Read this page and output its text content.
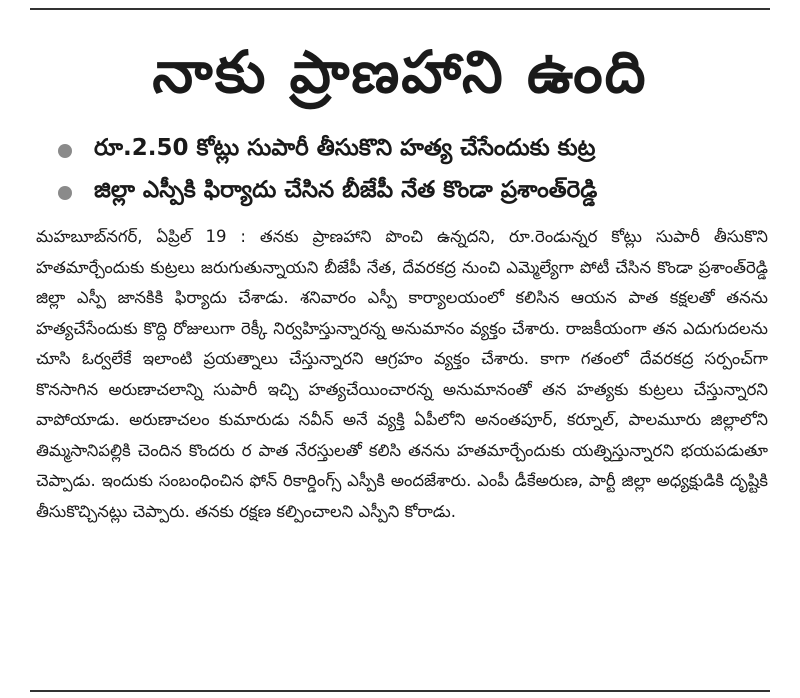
నాకు ప్రాణహాని ఉంది
రూ.2.50 కోట్లు సుపారీ తీసుకొని హత్య చేసేందుకు కుట్ర
జిల్లా ఎస్పీకి ఫిర్యాదు చేసిన బీజేపీ నేత కొండా ప్రశాంత్‌రెడ్డి
మహబూబ్‌నగర్, ఏప్రిల్ 19 : తనకు ప్రాణహాని పొంచి ఉన్నదని, రూ.రెండున్నర కోట్లు సుపారీ తీసుకొని హతమార్చేందుకు కుట్రలు జరుగుతున్నాయని బీజేపీ నేత, దేవరకద్ర నుంచి ఎమ్మెల్యేగా పోటీ చేసిన కొండా ప్రశాంత్‌రెడ్డి జిల్లా ఎస్పీ జానకికి ఫిర్యాదు చేశాడు. శనివారం ఎస్పీ కార్యాలయంలో కలిసిన ఆయన పాత కక్షలతో తనను హత్యచేసేందుకు కొద్ది రోజులుగా రెక్కీ నిర్వహిస్తున్నారన్న అనుమానం వ్యక్తం చేశారు. రాజకీయంగా తన ఎదుగుదలను చూసి ఓర్వలేకే ఇలాంటి ప్రయత్నాలు చేస్తున్నారని ఆగ్రహం వ్యక్తం చేశారు. కాగా గతంలో దేవరకద్ర సర్పంచ్‌గా కొనసాగిన అరుణాచలాన్ని సుపారీ ఇచ్చి హత్యచేయించారన్న అనుమానంతో తన హత్యకు కుట్రలు చేస్తున్నారని వాపోయాడు. అరుణాచలం కుమారుడు నవీన్ అనే వ్యక్తి ఏపీలోని అనంతపూర్, కర్నూల్, పాలమూరు జిల్లాలోని తిమ్మసానిపల్లికి చెందిన కొందరు ర పాత నేరస్తులతో కలిసి తనను హతమార్చేందుకు యత్నిస్తున్నారని భయపడుతూ చెప్పాడు. ఇందుకు సంబంధించిన ఫోన్ రికార్డింగ్స్ ఎస్పీకి అందజేశారు. ఎంపీ డీకేఅరుణ, పార్టీ జిల్లా అధ్యక్షుడికి దృష్టికి తీసుకొచ్చినట్లు చెప్పారు. తనకు రక్షణ కల్పించాలని ఎస్పీని కోరాడు.
